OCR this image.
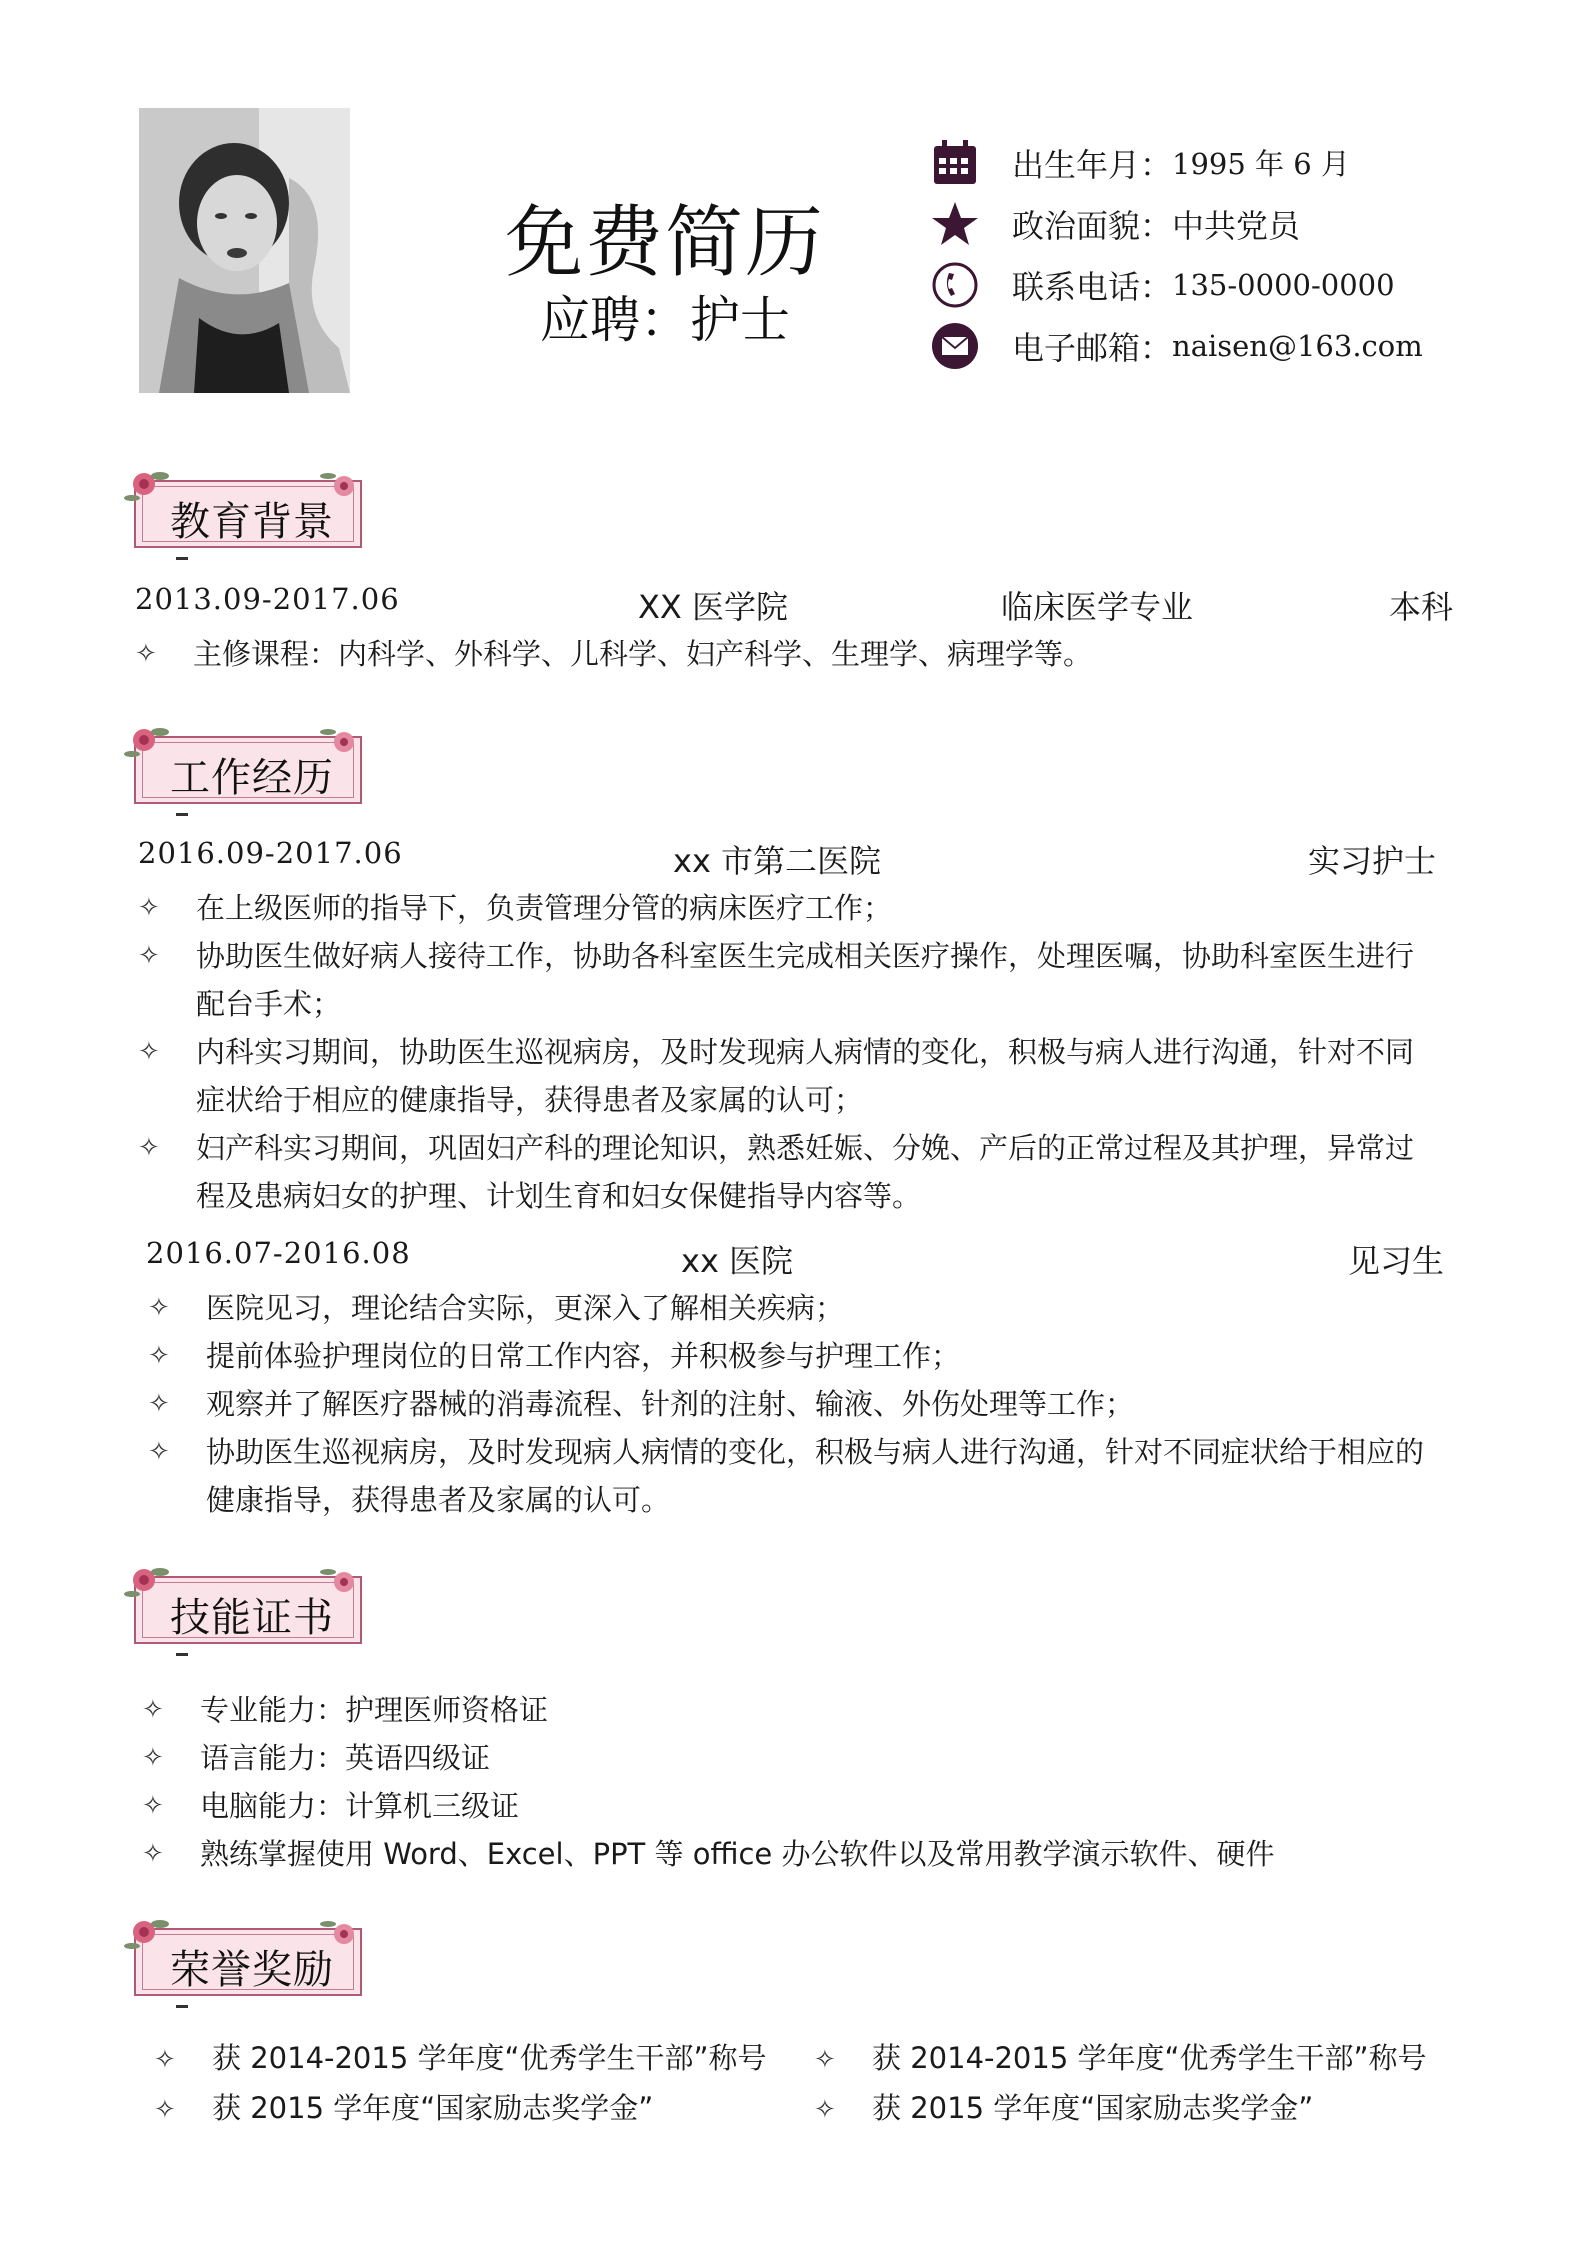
免费简历
应聘：护士
出生年月： 1995 年 6 月
政治面貌： 中共党员
联系电话： 135-0000-0000
电子邮箱： naisen@163.com
教育背景
2013.09-2017.06	XX 医学院	临床医学专业	本科
✧ 主修课程：内科学、外科学、儿科学、妇产科学、生理学、病理学等。
工作经历
2016.09-2017.06	xx 市第二医院	实习护士
✧ 在上级医师的指导下，负责管理分管的病床医疗工作；
✧ 协助医生做好病人接待工作，协助各科室医生完成相关医疗操作，处理医嘱，协助科室医生进行
配台手术；
✧ 内科实习期间，协助医生巡视病房，及时发现病人病情的变化，积极与病人进行沟通，针对不同
症状给于相应的健康指导，获得患者及家属的认可；
✧ 妇产科实习期间，巩固妇产科的理论知识，熟悉妊娠、分娩、产后的正常过程及其护理，异常过
程及患病妇女的护理、计划生育和妇女保健指导内容等。
2016.07-2016.08	xx 医院	见习生
✧ 医院见习，理论结合实际，更深入了解相关疾病；
✧ 提前体验护理岗位的日常工作内容，并积极参与护理工作；
✧ 观察并了解医疗器械的消毒流程、针剂的注射、输液、外伤处理等工作；
✧ 协助医生巡视病房，及时发现病人病情的变化，积极与病人进行沟通，针对不同症状给于相应的
健康指导，获得患者及家属的认可。
技能证书
✧ 专业能力：护理医师资格证
✧ 语言能力：英语四级证
✧ 电脑能力：计算机三级证
✧ 熟练掌握使用 Word、Excel、PPT 等 office 办公软件以及常用教学演示软件、硬件
荣誉奖励
✧ 获 2014-2015 学年度“优秀学生干部”称号 ✧ 获 2014-2015 学年度“优秀学生干部”称号
✧ 获 2015 学年度“国家励志奖学金”	✧ 获 2015 学年度“国家励志奖学金”
